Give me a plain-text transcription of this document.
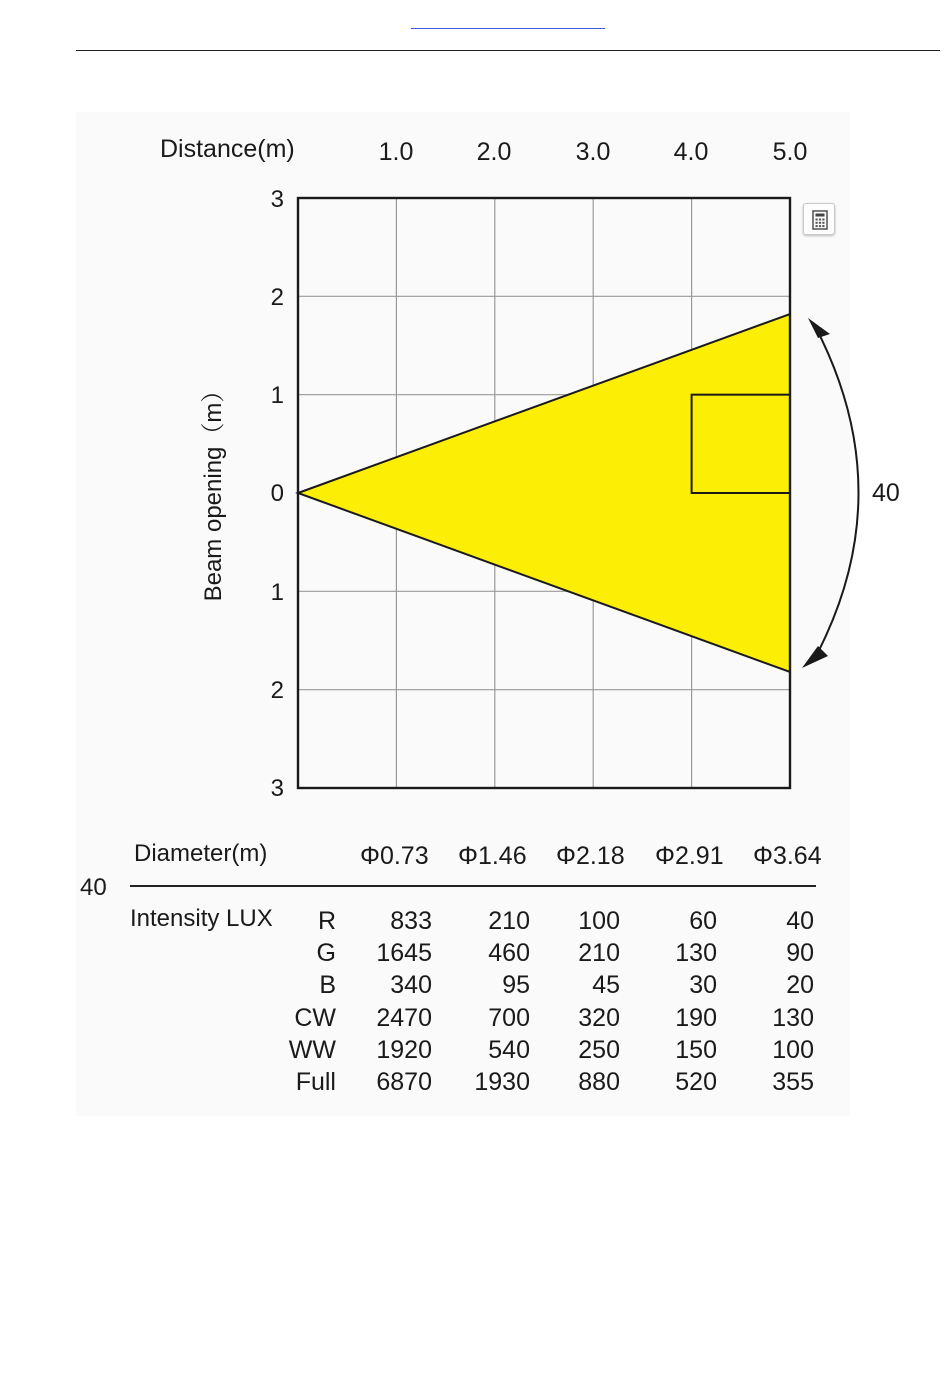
Distance(m)	1.0	2.0	3.0	4.0	5.0
3
2
1
0
1
2
3
Beam opening（m）	40
Diameter(m)	Φ0.73 Φ1.46 Φ2.18 Φ2.91 Φ3.64
40
Intensity LUX	R	833	210	100	60	40
G	1645	460	210	130	90
B	340	95	45	30	20
CW	2470	700	320	190	130
WW	1920	540	250	150	100
Full	6870	1930	880	520	355
